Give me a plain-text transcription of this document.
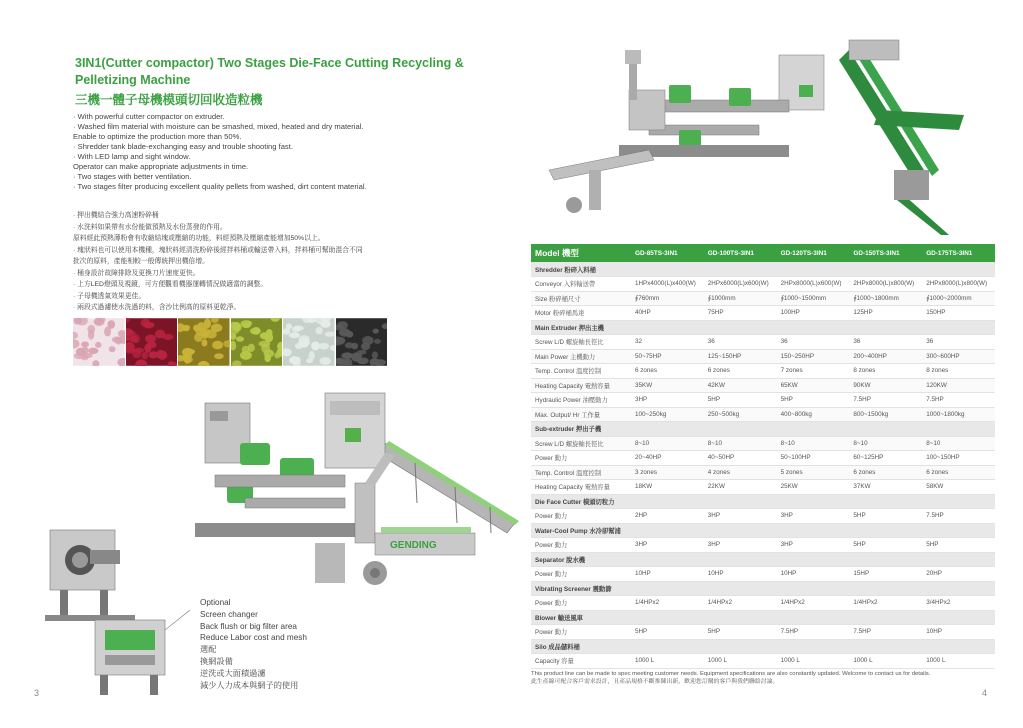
3IN1(Cutter compactor) Two Stages Die-Face Cutting Recycling & Pelletizing Machine
三機一體子母機模頭切回收造粒機
· With powerful cutter compactor on extruder.
· Washed film material with moisture can be smashed, mixed, heated and dry material.
Enable to optimize the production more than 50%.
· Shredder tank blade-exchanging easy and trouble shooting fast.
· With LED lamp and sight window.
Operator can make appropriate adjustments in time.
· Two stages with better ventilation.
· Two stages filter producing excellent quality pellets from washed, dirt content material.
· 押出機結合強力高速粉碎桶
· 水洗料如果帶有水份能做預熱及水份蒸發的作用。
原料經此預熱薄粉會有收縮結塊或壓縮的功能，料經預熱及壓縮產能增加50%以上。
· 塊狀料也可以使用本機種，塊狀料經清洗粉碎後經拌料桶或輸送帶入料，拌料桶可幫助混合不同
批次的原料，產能相較一般傳統押出機倍增。
· 桶身設計故障排除及更換刀片速度更快。
· 上方LED燈頭及視鏡，可方便觀看機器運轉情況做適當的調整。
· 子母機透氣效果更佳。
· 兩段式過濾使水洗過的料，含沙比例高的原料更乾淨。
GENDING
Optional
Screen changer
Back flush or big filter area
Reduce Labor cost and mesh
選配
換網設備
逆洗或大面積過濾
減少人力成本與網子的使用
3
Model 機型	GD-85TS-3IN1	GD-100TS-3IN1	GD-120TS-3IN1	GD-150TS-3IN1	GD-175TS-3IN1
Shredder 粉碎入料桶					
Conveyor 入料輸送帶	1HPx4000(L)x400(W)	2HPx6000(L)x600(W)	2HPx8000(L)x600(W)	2HPx8000(L)x800(W)	2HPx8000(L)x800(W)
Size 粉碎桶尺寸	∮760mm	∮1000mm	∮1000~1500mm	∮1000~1800mm	∮1000~2000mm
Motor 粉碎桶馬達	40HP	75HP	100HP	125HP	150HP
Main Extruder 押出主機					
Screw L/D 螺旋軸長徑比	32	36	36	36	36
Main Power 主機動力	50~75HP	125~150HP	150~250HP	200~400HP	300~600HP
Temp. Control 溫度控制	6 zones	6 zones	7 zones	8 zones	8 zones
Heating Capacity 電熱容量	35KW	42KW	65KW	90KW	120KW
Hydraulic Power 油壓動力	3HP	5HP	5HP	7.5HP	7.5HP
Max. Output/ Hr 工作量	100~250kg	250~500kg	400~800kg	800~1500kg	1000~1800kg
Sub-extruder 押出子機					
Screw L/D 螺旋軸長徑比	8~10	8~10	8~10	8~10	8~10
Power 動力	20~40HP	40~50HP	50~100HP	60~125HP	100~150HP
Temp. Control 溫度控制	3 zones	4 zones	5 zones	6 zones	6 zones
Heating Capacity 電熱容量	18KW	22KW	25KW	37KW	58KW
Die Face Cutter 模頭切粒力					
Power 動力	2HP	3HP	3HP	5HP	7.5HP
Water-Cool Pump 水冷卻幫浦					
Power 動力	3HP	3HP	3HP	5HP	5HP
Separator 脫水機					
Power 動力	10HP	10HP	10HP	15HP	20HP
Vibrating Screener 震動篩					
Power 動力	1/4HPx2	1/4HPx2	1/4HPx2	1/4HPx2	3/4HPx2
Blower 輸送風車					
Power 動力	5HP	5HP	7.5HP	7.5HP	10HP
Silo 成品儲料桶					
Capacity 容量	1000 L	1000 L	1000 L	1000 L	1000 L
This product line can be made to spec meeting customer needs. Equipment specifications are also constantly updated. Welcome to contact us for details.
此生產線可配合客戶需求設計，且產品規格不斷推陳出新，歡迎您訂購的客戶與我們聯絡討論。
4
